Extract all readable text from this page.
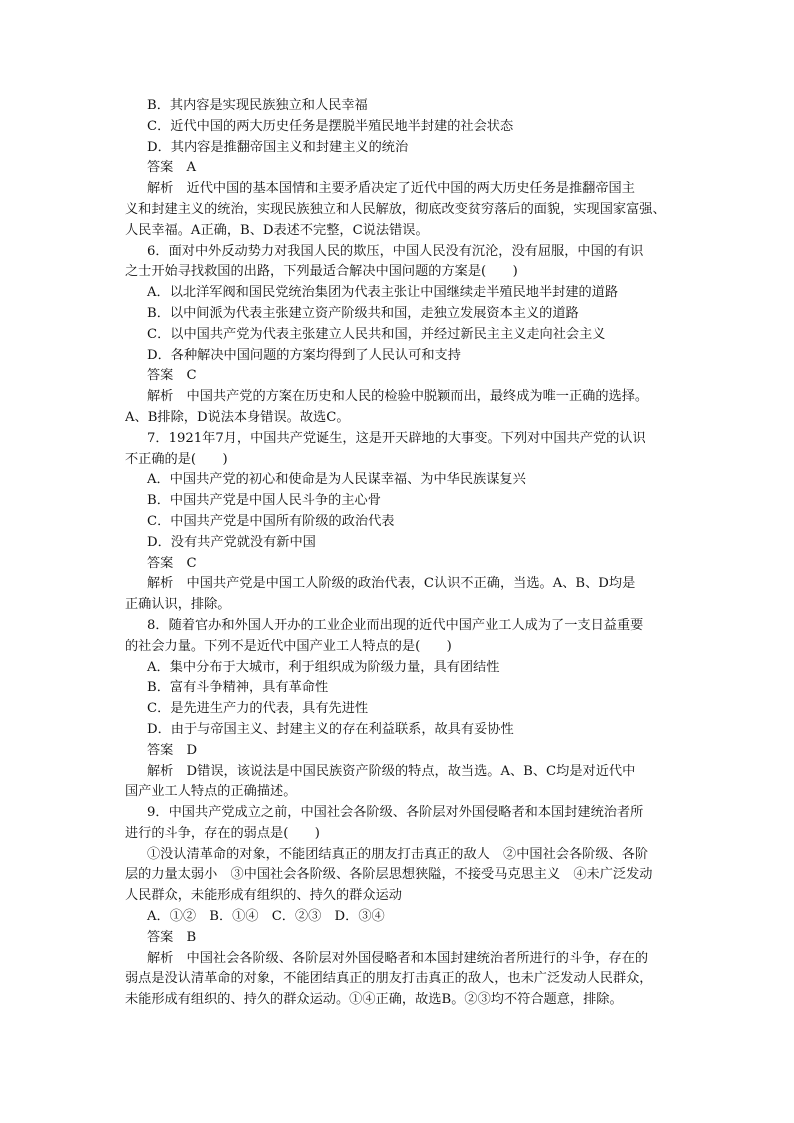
B．其内容是实现民族独立和人民幸福
C．近代中国的两大历史任务是摆脱半殖民地半封建的社会状态
D．其内容是推翻帝国主义和封建主义的统治
答案　A
解析　近代中国的基本国情和主要矛盾决定了近代中国的两大历史任务是推翻帝国主
义和封建主义的统治，实现民族独立和人民解放，彻底改变贫穷落后的面貌，实现国家富强、
人民幸福。A正确，B、D表述不完整，C说法错误。
6．面对中外反动势力对我国人民的欺压，中国人民没有沉沦，没有屈服，中国的有识
之士开始寻找救国的出路，下列最适合解决中国问题的方案是(　　)
A．以北洋军阀和国民党统治集团为代表主张让中国继续走半殖民地半封建的道路
B．以中间派为代表主张建立资产阶级共和国，走独立发展资本主义的道路
C．以中国共产党为代表主张建立人民共和国，并经过新民主主义走向社会主义
D．各种解决中国问题的方案均得到了人民认可和支持
答案　C
解析　中国共产党的方案在历史和人民的检验中脱颖而出，最终成为唯一正确的选择。
A、B排除，D说法本身错误。故选C。
7．1921年7月，中国共产党诞生，这是开天辟地的大事变。下列对中国共产党的认识
不正确的是(　　)
A．中国共产党的初心和使命是为人民谋幸福、为中华民族谋复兴
B．中国共产党是中国人民斗争的主心骨
C．中国共产党是中国所有阶级的政治代表
D．没有共产党就没有新中国
答案　C
解析　中国共产党是中国工人阶级的政治代表，C认识不正确，当选。A、B、D均是
正确认识，排除。
8．随着官办和外国人开办的工业企业而出现的近代中国产业工人成为了一支日益重要
的社会力量。下列不是近代中国产业工人特点的是(　　)
A．集中分布于大城市，利于组织成为阶级力量，具有团结性
B．富有斗争精神，具有革命性
C．是先进生产力的代表，具有先进性
D．由于与帝国主义、封建主义的存在利益联系，故具有妥协性
答案　D
解析　D错误，该说法是中国民族资产阶级的特点，故当选。A、B、C均是对近代中
国产业工人特点的正确描述。
9．中国共产党成立之前，中国社会各阶级、各阶层对外国侵略者和本国封建统治者所
进行的斗争，存在的弱点是(　　)
①没认清革命的对象，不能团结真正的朋友打击真正的敌人　②中国社会各阶级、各阶
层的力量太弱小　③中国社会各阶级、各阶层思想狭隘，不接受马克思主义　④未广泛发动
人民群众，未能形成有组织的、持久的群众运动
A．①②　B．①④　C．②③　D．③④
答案　B
解析　中国社会各阶级、各阶层对外国侵略者和本国封建统治者所进行的斗争，存在的
弱点是没认清革命的对象，不能团结真正的朋友打击真正的敌人，也未广泛发动人民群众，
未能形成有组织的、持久的群众运动。①④正确，故选B。②③均不符合题意，排除。
